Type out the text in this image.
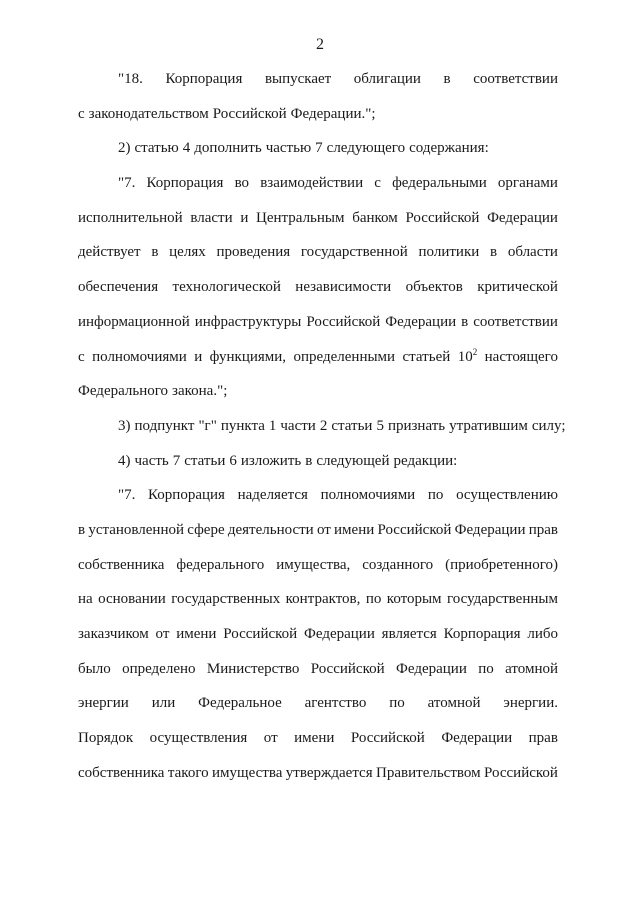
2
"18. Корпорация выпускает облигации в соответствии
с законодательством Российской Федерации.";
2) статью 4 дополнить частью 7 следующего содержания:
"7. Корпорация во взаимодействии с федеральными органами
исполнительной власти и Центральным банком Российской Федерации
действует в целях проведения государственной политики в области
обеспечения технологической независимости объектов критической
информационной инфраструктуры Российской Федерации в соответствии
с полномочиями и функциями, определенными статьей $10^2$ настоящего
Федерального закона.";
3) подпункт "г" пункта 1 части 2 статьи 5 признать утратившим силу;
4) часть 7 статьи 6 изложить в следующей редакции:
"7. Корпорация наделяется полномочиями по осуществлению
в установленной сфере деятельности от имени Российской Федерации прав
собственника федерального имущества, созданного (приобретенного)
на основании государственных контрактов, по которым государственным
заказчиком от имени Российской Федерации является Корпорация либо
было определено Министерство Российской Федерации по атомной
энергии или Федеральное агентство по атомной энергии.
Порядок осуществления от имени Российской Федерации прав
собственника такого имущества утверждается Правительством Российской
